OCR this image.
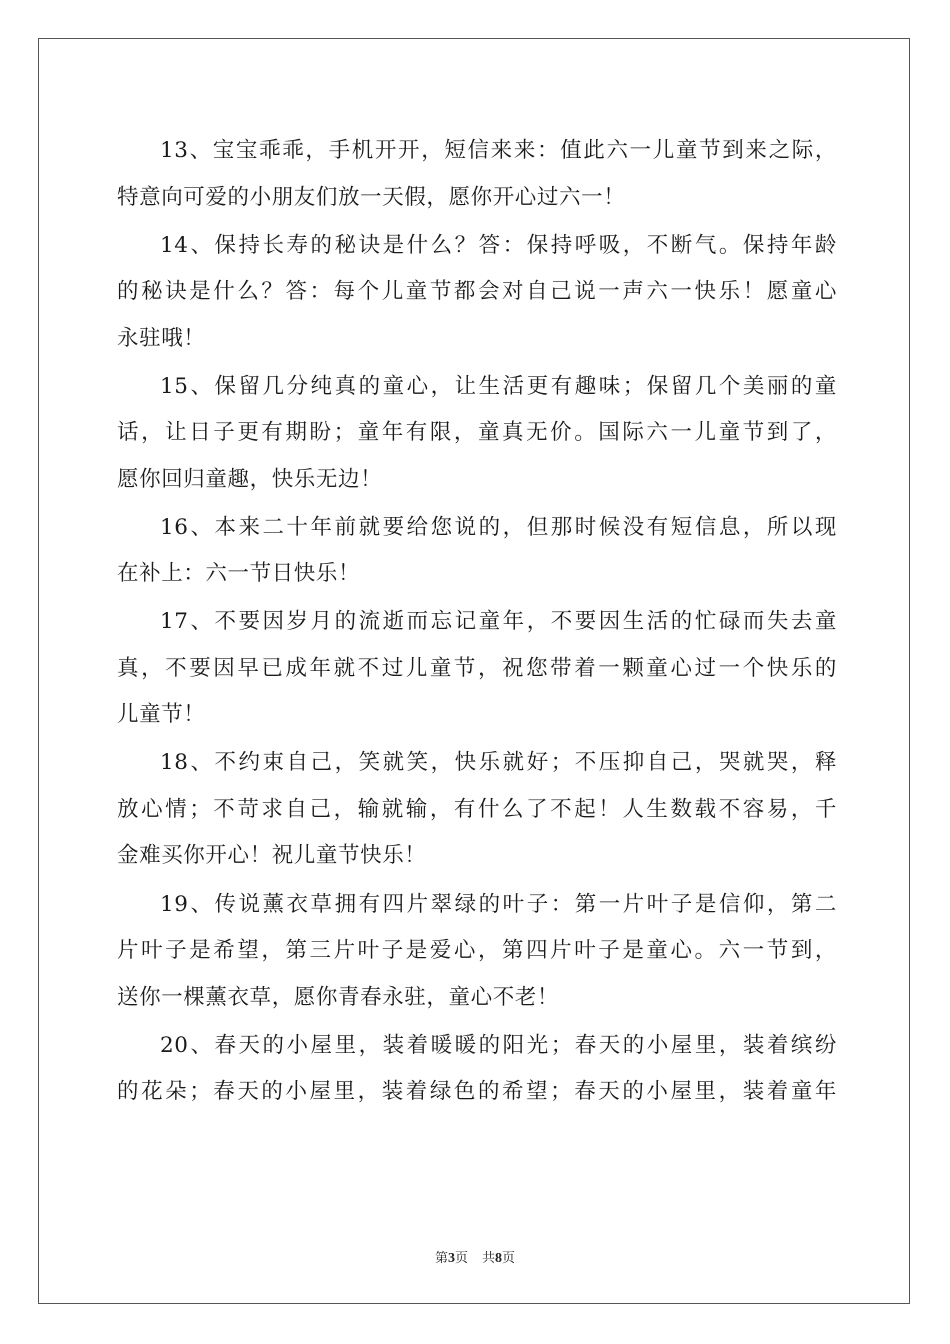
13、宝宝乖乖，手机开开，短信来来：值此六一儿童节到来之际，
特意向可爱的小朋友们放一天假，愿你开心过六一！
14、保持长寿的秘诀是什么？答：保持呼吸，不断气。保持年龄
的秘诀是什么？答：每个儿童节都会对自己说一声六一快乐！愿童心
永驻哦！
15、保留几分纯真的童心，让生活更有趣味；保留几个美丽的童
话，让日子更有期盼；童年有限，童真无价。国际六一儿童节到了，
愿你回归童趣，快乐无边！
16、本来二十年前就要给您说的，但那时候没有短信息，所以现
在补上：六一节日快乐！
17、不要因岁月的流逝而忘记童年，不要因生活的忙碌而失去童
真，不要因早已成年就不过儿童节，祝您带着一颗童心过一个快乐的
儿童节！
18、不约束自己，笑就笑，快乐就好；不压抑自己，哭就哭，释
放心情；不苛求自己，输就输，有什么了不起！人生数载不容易，千
金难买你开心！祝儿童节快乐！
19、传说薰衣草拥有四片翠绿的叶子：第一片叶子是信仰，第二
片叶子是希望，第三片叶子是爱心，第四片叶子是童心。六一节到，
送你一棵薰衣草，愿你青春永驻，童心不老！
20、春天的小屋里，装着暖暖的阳光；春天的小屋里，装着缤纷
的花朵；春天的小屋里，装着绿色的希望；春天的小屋里，装着童年
第3页 共8页
